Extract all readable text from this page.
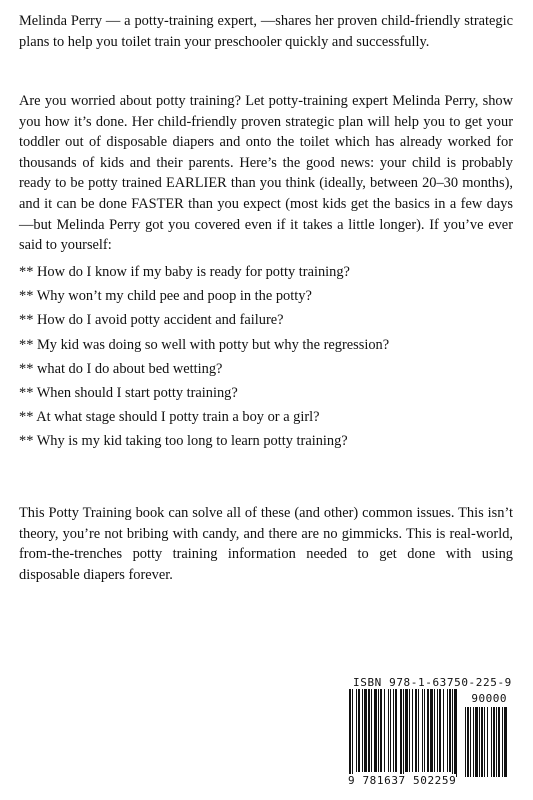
Melinda Perry — a potty-training expert, —shares her proven child-friendly strategic plans to help you toilet train your preschooler quickly and successfully.

Are you worried about potty training? Let potty-training expert Melinda Perry, show you how it’s done. Her child-friendly proven strategic plan will help you to get your toddler out of disposable diapers and onto the toilet which has already worked for thousands of kids and their parents. Here’s the good news: your child is probably ready to be potty trained EARLIER than you think (ideally, between 20–30 months), and it can be done FASTER than you expect (most kids get the basics in a few days—but Melinda Perry got you covered even if it takes a little longer). If you’ve ever said to yourself:

** How do I know if my baby is ready for potty training?
** Why won’t my child pee and poop in the potty?
** How do I avoid potty accident and failure?
** My kid was doing so well with potty but why the regression?
** what do I do about bed wetting?
** When should I start potty training?
** At what stage should I potty train a boy or a girl?
** Why is my kid taking too long to learn potty training?

This Potty Training book can solve all of these (and other) common issues. This isn’t theory, you’re not bribing with candy, and there are no gimmicks. This is real-world, from-the-trenches potty training information needed to get done with using disposable diapers forever.

ISBN 978-1-63750-225-9
90000
9 781637 502259
